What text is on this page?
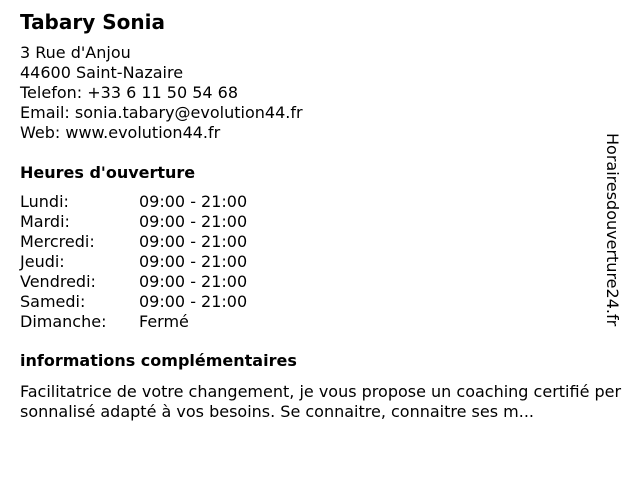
Tabary Sonia
3 Rue d'Anjou
44600 Saint-Nazaire
Telefon: +33 6 11 50 54 68
Email: sonia.tabary@evolution44.fr
Web: www.evolution44.fr
Heures d'ouverture
Lundi:	09:00 - 21:00
Mardi:	09:00 - 21:00
Mercredi:	09:00 - 21:00
Jeudi:	09:00 - 21:00
Vendredi:	09:00 - 21:00
Samedi:	09:00 - 21:00
Dimanche:	Fermé
informations complémentaires
Facilitatrice de votre changement, je vous propose un coaching certifié personnalisé adapté à vos besoins. Se connaitre, connaitre ses m...
Horairesdouverture24.fr
